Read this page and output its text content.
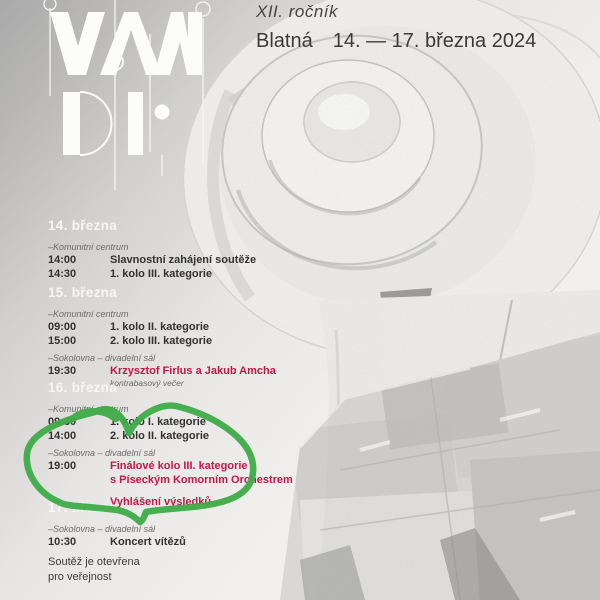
XII. ročník
Blatná 14. — 17. března 2024
14. března
–Komunitní centrum
14:00	Slavnostní zahájení soutěže
14:30	1. kolo III. kategorie
15. března
–Komunitní centrum
09:00	1. kolo II. kategorie
15:00	2. kolo III. kategorie
–Sokolovna – divadelní sál
19:30	Krzysztof Firlus a Jakub Amcha
kontrabasový večer
16. března
–Komunitní centrum
09:30	1. kolo I. kategorie
14:00	2. kolo II. kategorie
–Sokolovna – divadelní sál
19:00	Finálové kolo III. kategorie
s Píseckým Komorním Orchestrem
Vyhlášení výsledků
17. března
–Sokolovna – divadelní sál
10:30	Koncert vítězů
Soutěž je otevřena
pro veřejnost
